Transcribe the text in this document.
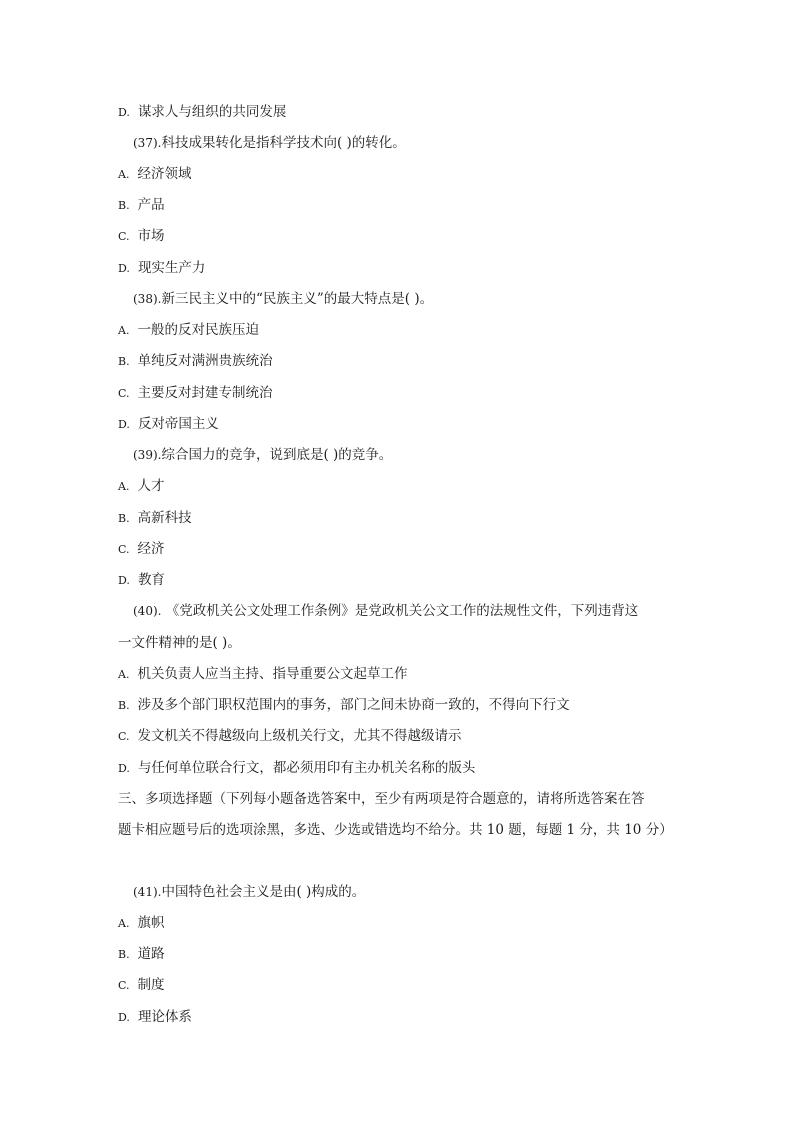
D. 谋求人与组织的共同发展
(37).科技成果转化是指科学技术向( )的转化。
A. 经济领域
B. 产品
C. 市场
D. 现实生产力
(38).新三民主义中的“民族主义”的最大特点是( )。
A. 一般的反对民族压迫
B. 单纯反对满洲贵族统治
C. 主要反对封建专制统治
D. 反对帝国主义
(39).综合国力的竞争，说到底是( )的竞争。
A. 人才
B. 高新科技
C. 经济
D. 教育
(40). 《党政机关公文处理工作条例》是党政机关公文工作的法规性文件，下列违背这
一文件精神的是( )。
A. 机关负责人应当主持、指导重要公文起草工作
B. 涉及多个部门职权范围内的事务，部门之间未协商一致的，不得向下行文
C. 发文机关不得越级向上级机关行文，尤其不得越级请示
D. 与任何单位联合行文，都必须用印有主办机关名称的版头
三、多项选择题（下列每小题备选答案中，至少有两项是符合题意的，请将所选答案在答
题卡相应题号后的选项涂黑，多选、少选或错选均不给分。共 10 题，每题 1 分，共 10 分）
(41).中国特色社会主义是由( )构成的。
A. 旗帜
B. 道路
C. 制度
D. 理论体系
